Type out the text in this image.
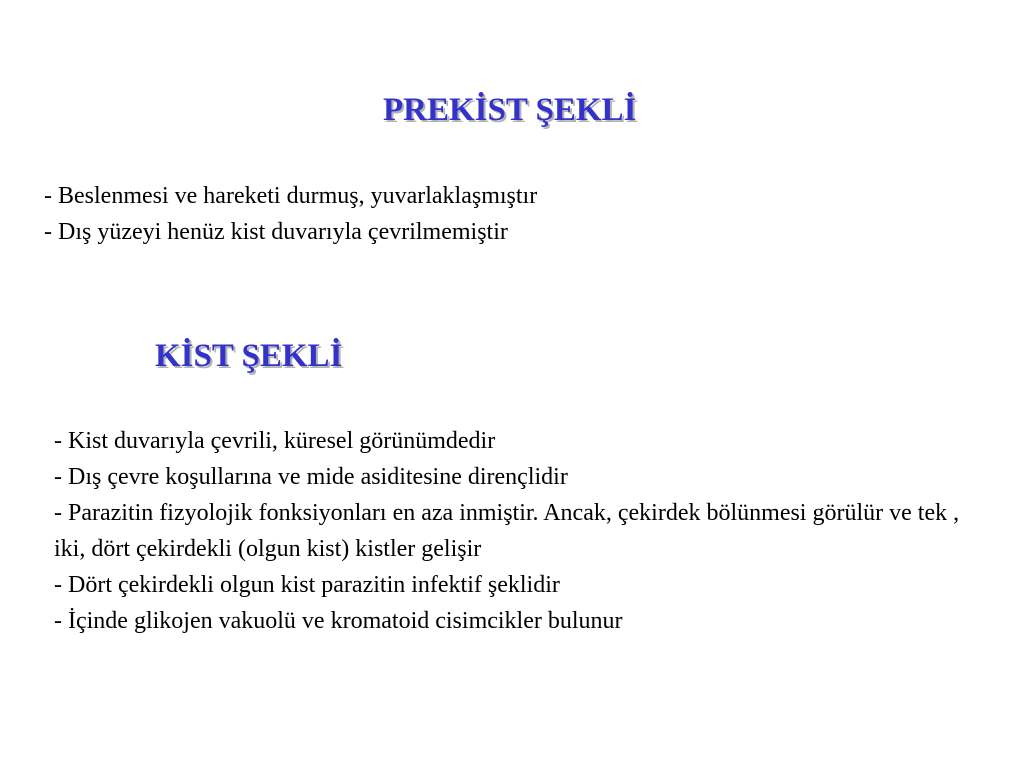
PREKİST ŞEKLİ
- Beslenmesi ve hareketi durmuş, yuvarlaklaşmıştır
- Dış yüzeyi henüz kist duvarıyla çevrilmemiştir
KİST ŞEKLİ
- Kist duvarıyla çevrili, küresel görünümdedir
- Dış çevre koşullarına ve mide asiditesine dirençlidir
- Parazitin fizyolojik fonksiyonları en aza inmiştir. Ancak, çekirdek bölünmesi görülür ve tek , iki, dört çekirdekli (olgun kist) kistler gelişir
- Dört çekirdekli olgun kist parazitin infektif şeklidir
- İçinde glikojen vakuolü ve kromatoid cisimcikler bulunur
